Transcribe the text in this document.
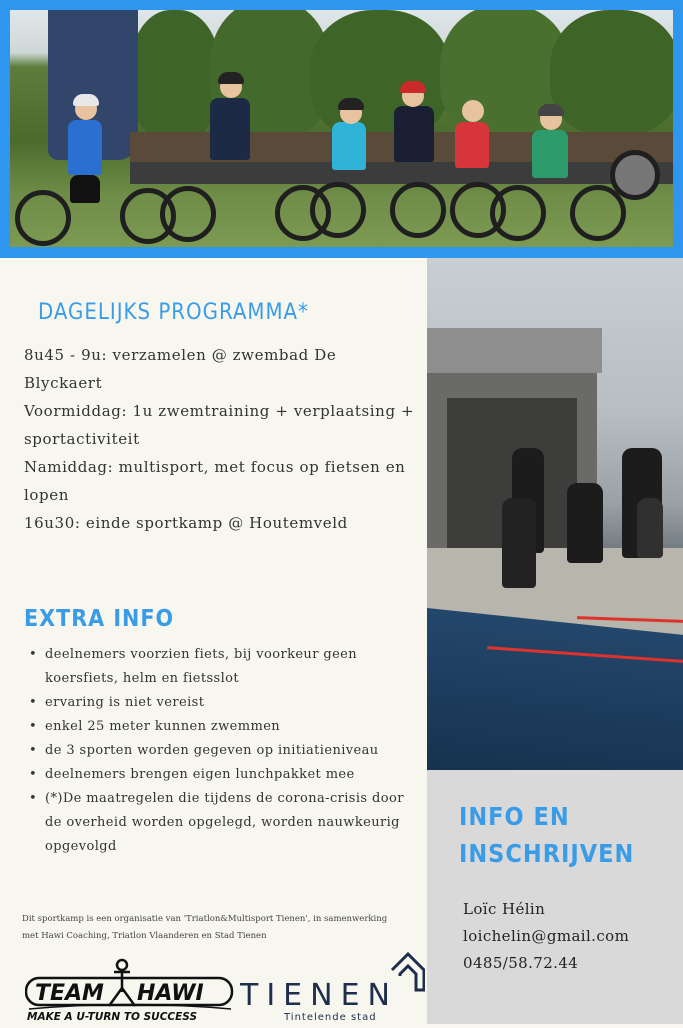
DAGELIJKS PROGRAMMA*
8u45 - 9u: verzamelen @ zwembad De Blyckaert
Voormiddag: 1u zwemtraining + verplaatsing + sportactiviteit
Namiddag: multisport, met focus op fietsen en lopen
16u30: einde sportkamp @ Houtemveld
EXTRA INFO
• deelnemers voorzien fiets, bij voorkeur geen koersfiets, helm en fietsslot
• ervaring is niet vereist
• enkel 25 meter kunnen zwemmen
• de 3 sporten worden gegeven op initiatieniveau
• deelnemers brengen eigen lunchpakket mee
• (*)De maatregelen die tijdens de corona-crisis door de overheid worden opgelegd, worden nauwkeurig opgevolgd

Dit sportkamp is een organisatie van 'Triatlon&Multisport Tienen', in samenwerking met Hawi Coaching, Triatlon Vlaanderen en Stad Tienen

INFO EN
INSCHRIJVEN
Loïc Hélin
loichelin@gmail.com
0485/58.72.44
TEAM HAWI
MAKE A U-TURN TO SUCCESS
TIENEN
Tintelende stad
